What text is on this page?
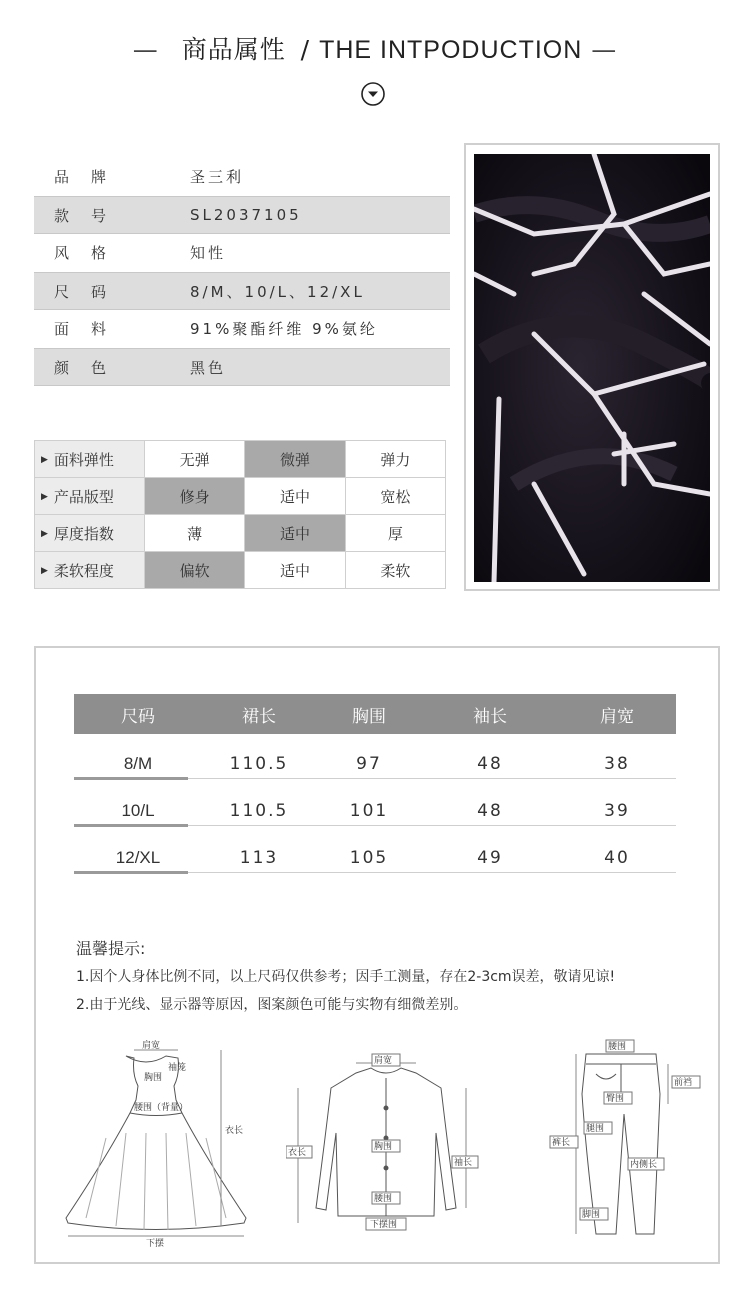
— 商品属性 / THE INTPODUCTION —
品牌	圣三利
款号	SL2037105
风格	知性
尺码	8/M、10/L、12/XL
面料	91%聚酯纤维 9%氨纶
颜色	黑色
▶ 面料弹性	无弹	微弹	弹力
▶ 产品版型	修身	适中	宽松
▶ 厚度指数	薄	适中	厚
▶ 柔软程度	偏软	适中	柔软
尺码	裙长	胸围	袖长	肩宽
8/M	110.5	97	48	38
10/L	110.5	101	48	39
12/XL	113	105	49	40
温馨提示:
1.因个人身体比例不同，以上尺码仅供参考；因手工测量，存在2-3cm误差，敬请见谅!
2.由于光线、显示器等原因，图案颜色可能与实物有细微差别。
肩宽
袖笼
胸围
腰围（背量）
衣长
下摆
肩宽
衣长
胸围
袖长
腰围
下摆围
腰围
前裆
臀围
腿围
裤长
内侧长
脚围
